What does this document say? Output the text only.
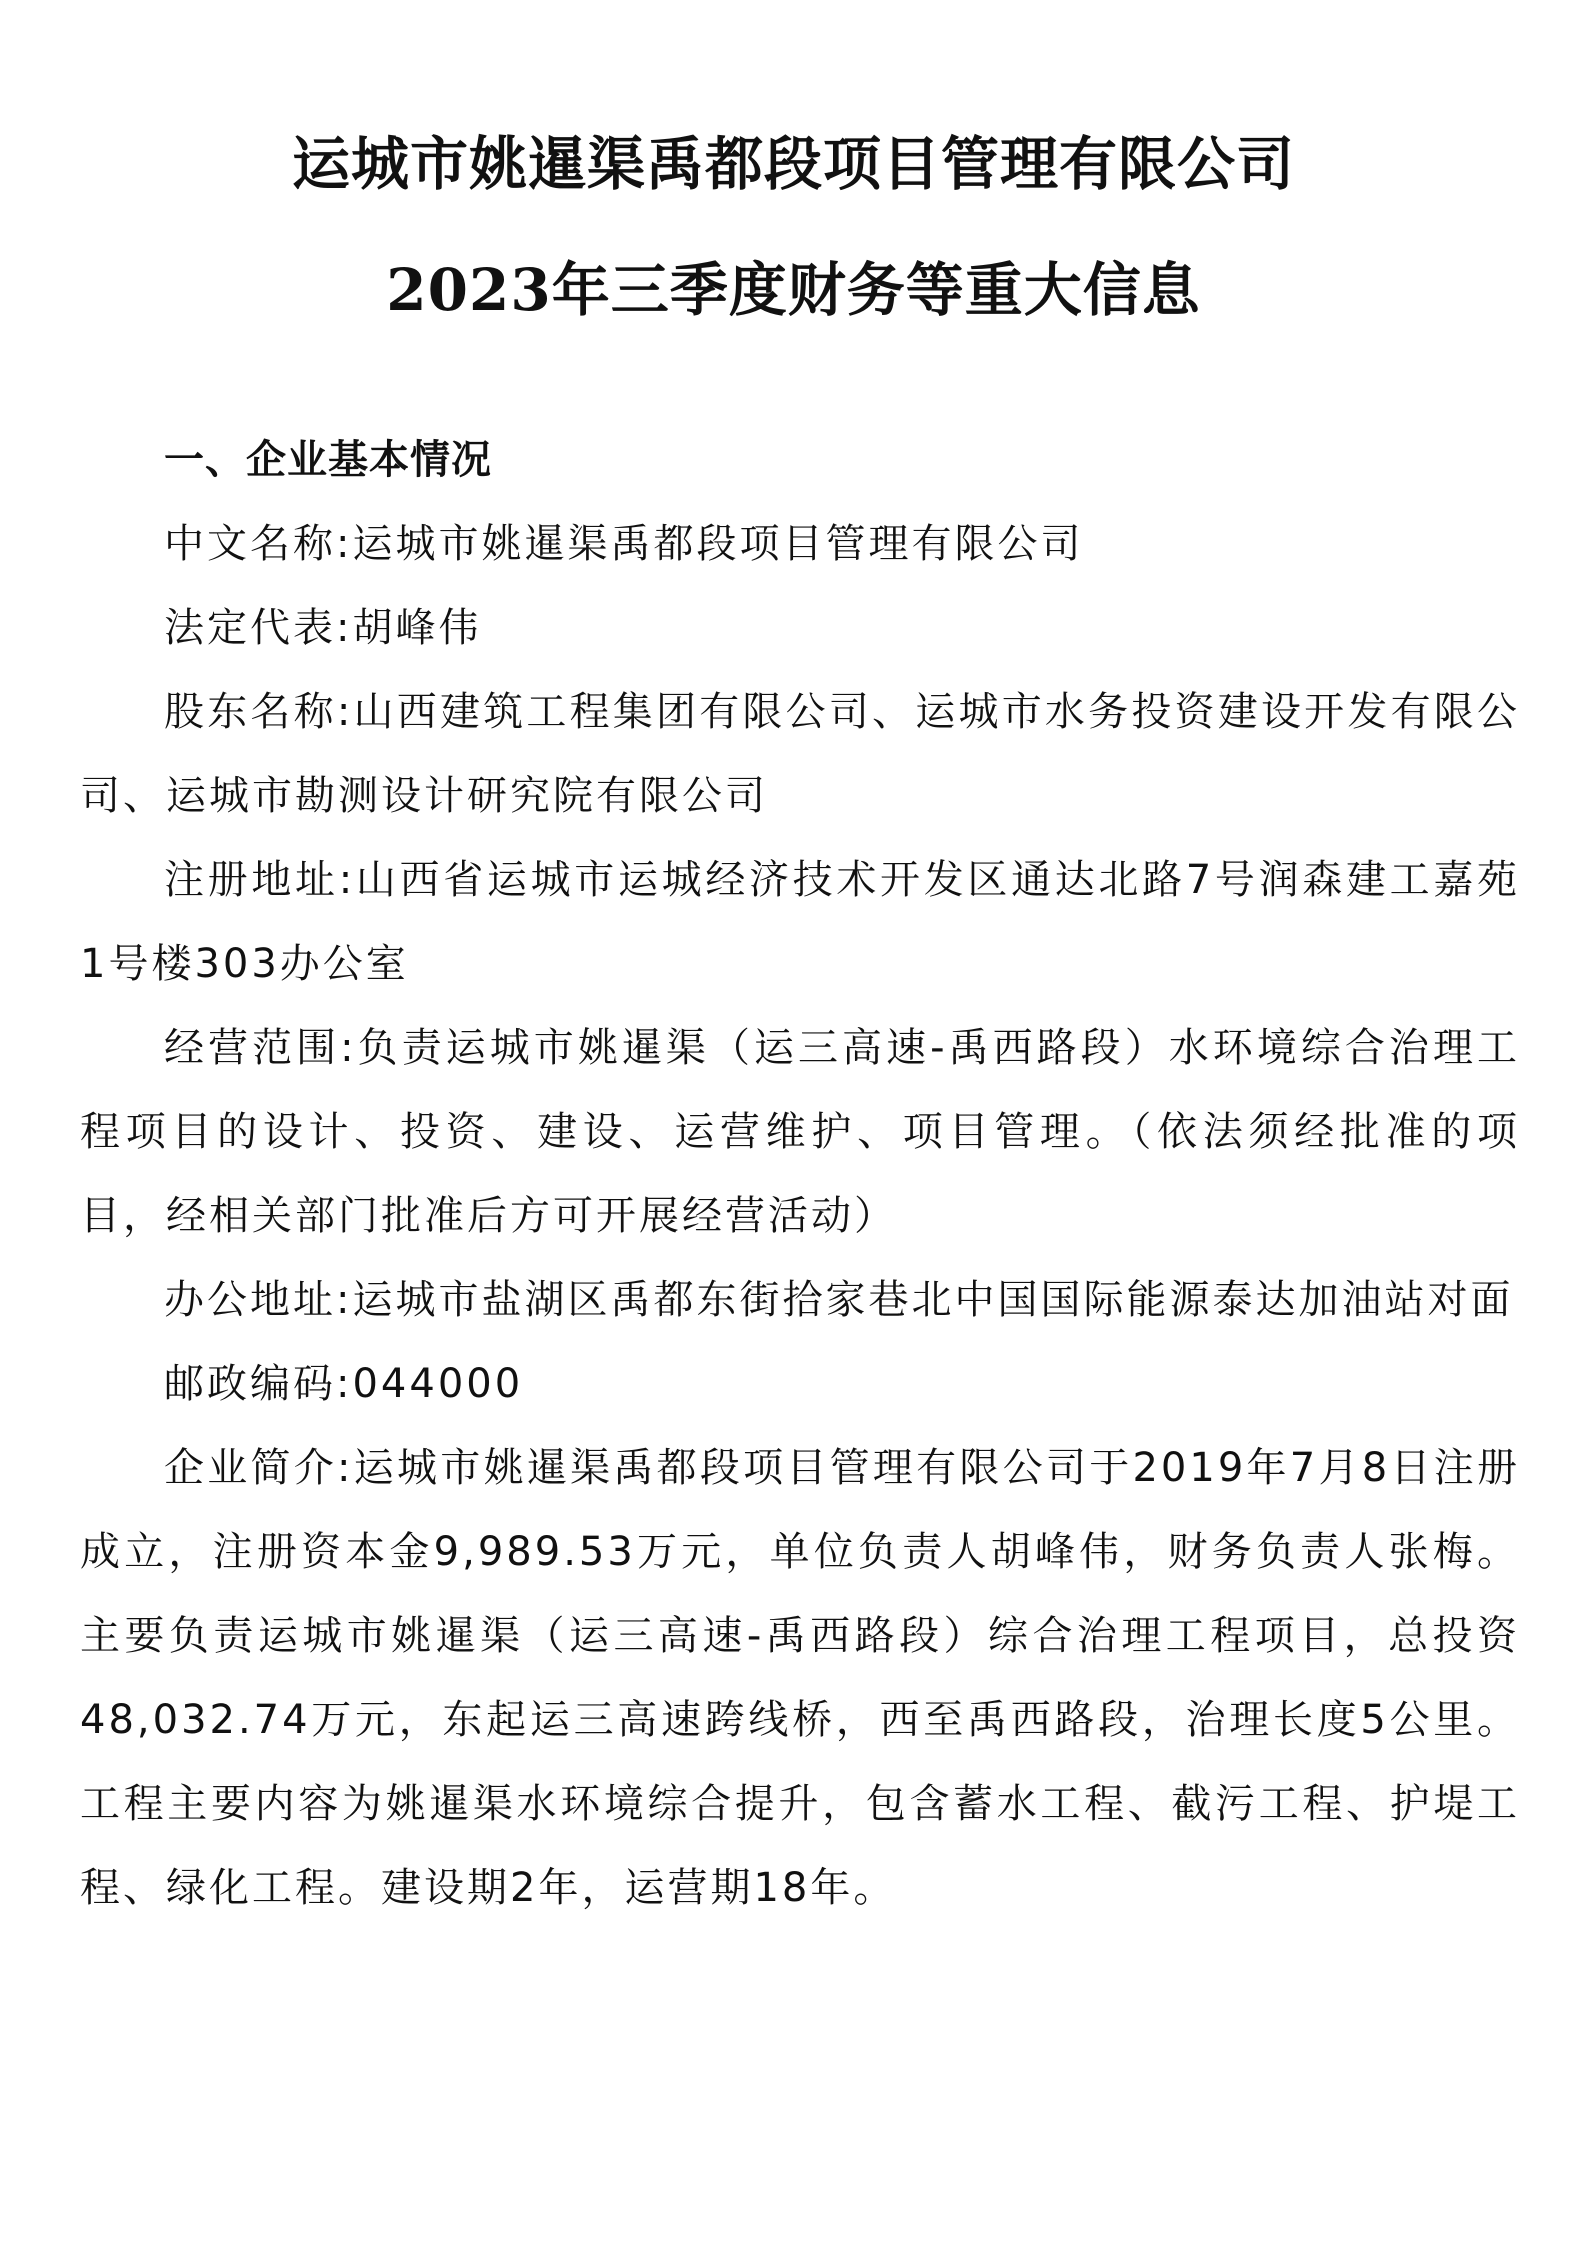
运城市姚暹渠禹都段项目管理有限公司
2023年三季度财务等重大信息

一、企业基本情况

中文名称:运城市姚暹渠禹都段项目管理有限公司

法定代表:胡峰伟

股东名称:山西建筑工程集团有限公司、运城市水务投资建设开发有限公司、运城市勘测设计研究院有限公司

注册地址:山西省运城市运城经济技术开发区通达北路7号润森建工嘉苑1号楼303办公室

经营范围:负责运城市姚暹渠（运三高速-禹西路段）水环境综合治理工程项目的设计、投资、建设、运营维护、项目管理。（依法须经批准的项目，经相关部门批准后方可开展经营活动）

办公地址:运城市盐湖区禹都东街拾家巷北中国国际能源泰达加油站对面

邮政编码:044000

企业简介:运城市姚暹渠禹都段项目管理有限公司于2019年7月8日注册成立，注册资本金9,989.53万元，单位负责人胡峰伟，财务负责人张梅。主要负责运城市姚暹渠（运三高速-禹西路段）综合治理工程项目，总投资48,032.74万元，东起运三高速跨线桥，西至禹西路段，治理长度5公里。工程主要内容为姚暹渠水环境综合提升，包含蓄水工程、截污工程、护堤工程、绿化工程。建设期2年，运营期18年。
